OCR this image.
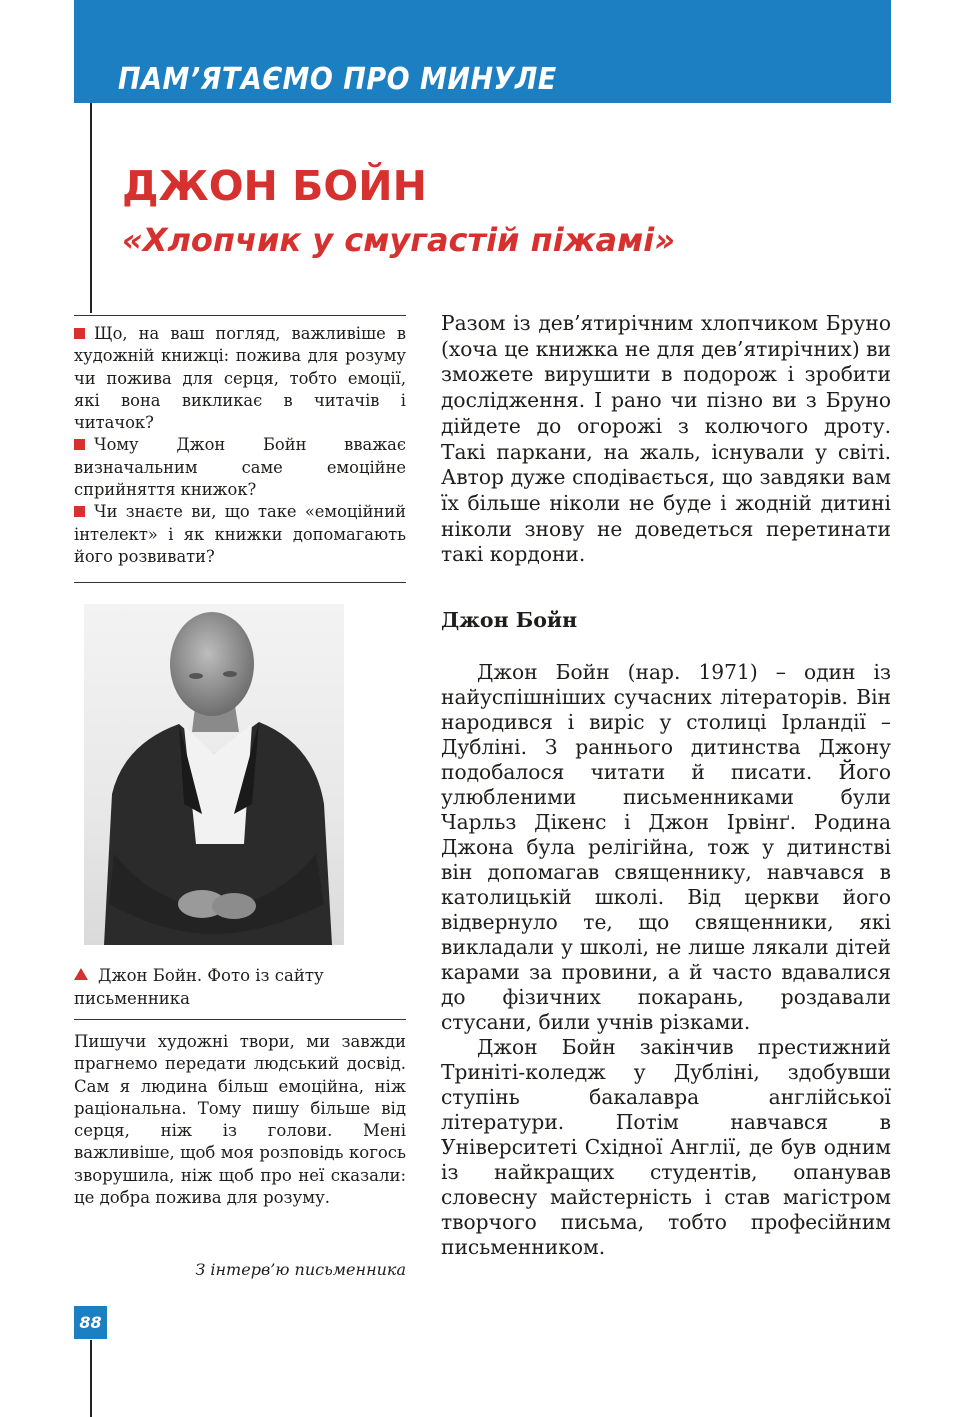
ПАМ’ЯТАЄМО ПРО МИНУЛЕ
ДЖОН БОЙН
«Хлопчик у смугастій піжамі»

Що, на ваш погляд, важливіше в художній книжці: пожива для розуму чи пожива для серця, тобто емоції, які вона викликає в читачів і читачок?

Чому Джон Бойн вважає визначальним саме емоційне сприйняття книжок?

Чи знаєте ви, що таке «емоційний інтелект» і як книжки допомагають його розвивати?

Джон Бойн. Фото із сайту письменника

Пишучи художні твори, ми завжди прагнемо передати людський досвід. Сам я людина більш емоційна, ніж раціональна. Тому пишу більше від серця, ніж із голови. Мені важливіше, щоб моя розповідь когось зворушила, ніж щоб про неї сказали: це добра пожива для розуму.

З інтерв’ю письменника

Разом із дев’ятирічним хлопчиком Бруно (хоча це книжка не для дев’ятирічних) ви зможете вирушити в подорож і зробити дослідження. І рано чи пізно ви з Бруно дійдете до огорожі з колючого дроту. Такі паркани, на жаль, існували у світі. Автор дуже сподівається, що завдяки вам їх більше ніколи не буде і жодній дитині ніколи знову не доведеться перетинати такі кордони.

Джон Бойн

Джон Бойн (нар. 1971) – один із найуспішніших сучасних літераторів. Він народився і виріс у столиці Ірландії – Дубліні. З раннього дитинства Джону подобалося читати й писати. Його улюбленими письменниками були Чарльз Дікенс і Джон Ірвінґ. Родина Джона була релігійна, тож у дитинстві він допомагав священнику, навчався в католицькій школі. Від церкви його відвернуло те, що священники, які викладали у школі, не лише лякали дітей карами за провини, а й часто вдавалися до фізичних покарань, роздавали стусани, били учнів різками.

Джон Бойн закінчив престижний Триніті-коледж у Дубліні, здобувши ступінь бакалавра англійської літератури. Потім навчався в Університеті Східної Англії, де був одним із найкращих студентів, опанував словесну майстерність і став магістром творчого письма, тобто професійним письменником.

88
